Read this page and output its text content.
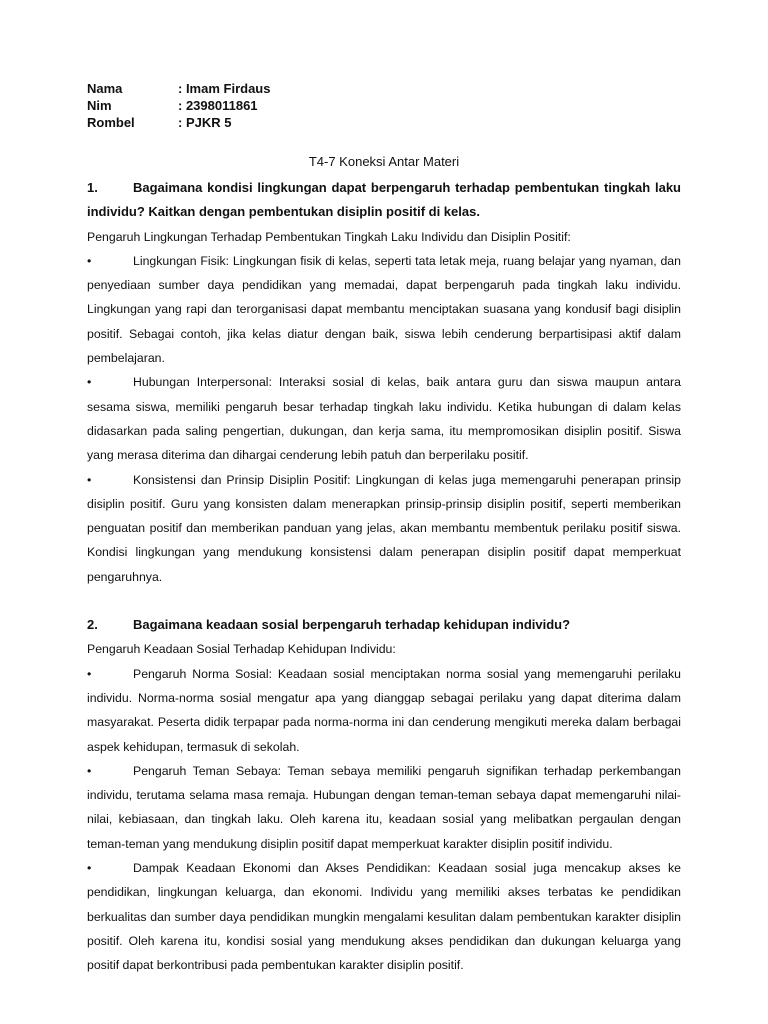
Nama	: Imam Firdaus
Nim	: 2398011861
Rombel	: PJKR 5
T4-7 Koneksi Antar Materi

1.	Bagaimana kondisi lingkungan dapat berpengaruh terhadap pembentukan tingkah laku individu? Kaitkan dengan pembentukan disiplin positif di kelas.

Pengaruh Lingkungan Terhadap Pembentukan Tingkah Laku Individu dan Disiplin Positif:

•	Lingkungan Fisik: Lingkungan fisik di kelas, seperti tata letak meja, ruang belajar yang nyaman, dan penyediaan sumber daya pendidikan yang memadai, dapat berpengaruh pada tingkah laku individu. Lingkungan yang rapi dan terorganisasi dapat membantu menciptakan suasana yang kondusif bagi disiplin positif. Sebagai contoh, jika kelas diatur dengan baik, siswa lebih cenderung berpartisipasi aktif dalam pembelajaran.

•	Hubungan Interpersonal: Interaksi sosial di kelas, baik antara guru dan siswa maupun antara sesama siswa, memiliki pengaruh besar terhadap tingkah laku individu. Ketika hubungan di dalam kelas didasarkan pada saling pengertian, dukungan, dan kerja sama, itu mempromosikan disiplin positif. Siswa yang merasa diterima dan dihargai cenderung lebih patuh dan berperilaku positif.

•	Konsistensi dan Prinsip Disiplin Positif: Lingkungan di kelas juga memengaruhi penerapan prinsip disiplin positif. Guru yang konsisten dalam menerapkan prinsip-prinsip disiplin positif, seperti memberikan penguatan positif dan memberikan panduan yang jelas, akan membantu membentuk perilaku positif siswa. Kondisi lingkungan yang mendukung konsistensi dalam penerapan disiplin positif dapat memperkuat pengaruhnya.

2.	Bagaimana keadaan sosial berpengaruh terhadap kehidupan individu?

Pengaruh Keadaan Sosial Terhadap Kehidupan Individu:

•	Pengaruh Norma Sosial: Keadaan sosial menciptakan norma sosial yang memengaruhi perilaku individu. Norma-norma sosial mengatur apa yang dianggap sebagai perilaku yang dapat diterima dalam masyarakat. Peserta didik terpapar pada norma-norma ini dan cenderung mengikuti mereka dalam berbagai aspek kehidupan, termasuk di sekolah.

•	Pengaruh Teman Sebaya: Teman sebaya memiliki pengaruh signifikan terhadap perkembangan individu, terutama selama masa remaja. Hubungan dengan teman-teman sebaya dapat memengaruhi nilai-nilai, kebiasaan, dan tingkah laku. Oleh karena itu, keadaan sosial yang melibatkan pergaulan dengan teman-teman yang mendukung disiplin positif dapat memperkuat karakter disiplin positif individu.

•	Dampak Keadaan Ekonomi dan Akses Pendidikan: Keadaan sosial juga mencakup akses ke pendidikan, lingkungan keluarga, dan ekonomi. Individu yang memiliki akses terbatas ke pendidikan berkualitas dan sumber daya pendidikan mungkin mengalami kesulitan dalam pembentukan karakter disiplin positif. Oleh karena itu, kondisi sosial yang mendukung akses pendidikan dan dukungan keluarga yang positif dapat berkontribusi pada pembentukan karakter disiplin positif.
